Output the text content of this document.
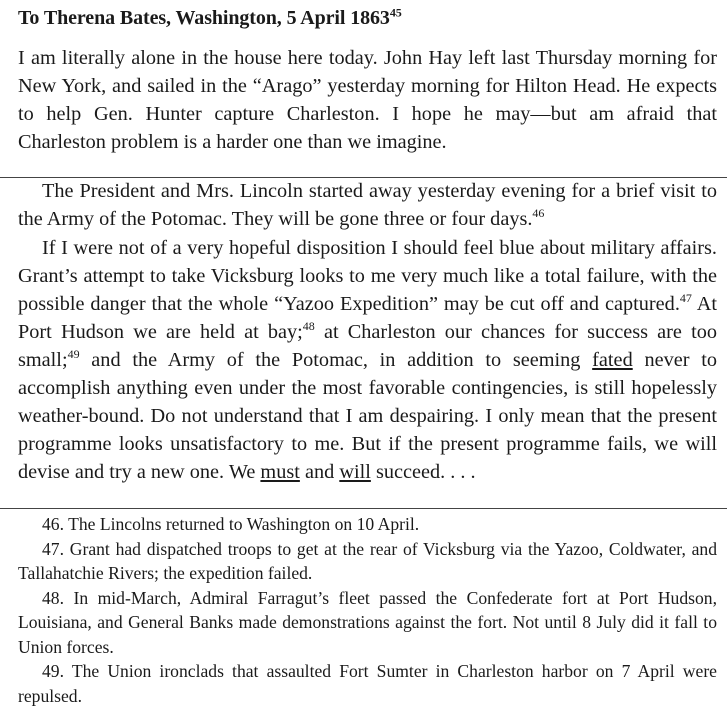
To Therena Bates, Washington, 5 April 1863$^{45}$

I am literally alone in the house here today. John Hay left last Thursday morning for New York, and sailed in the “Arago” yesterday morning for Hilton Head. He expects to help Gen. Hunter capture Charleston. I hope he may—but am afraid that Charleston problem is a harder one than we imagine.

The President and Mrs. Lincoln started away yesterday evening for a brief visit to the Army of the Potomac. They will be gone three or four days.$^{46}$

If I were not of a very hopeful disposition I should feel blue about military affairs. Grant’s attempt to take Vicksburg looks to me very much like a total failure, with the possible danger that the whole “Yazoo Expedition” may be cut off and captured.$^{47}$ At Port Hudson we are held at bay;$^{48}$ at Charleston our chances for success are too small;$^{49}$ and the Army of the Potomac, in addition to seeming fated never to accomplish anything even under the most favorable contingencies, is still hopelessly weather-bound. Do not understand that I am despairing. I only mean that the present programme looks unsatisfactory to me. But if the present programme fails, we will devise and try a new one. We must and will succeed. . . .

46. The Lincolns returned to Washington on 10 April.

47. Grant had dispatched troops to get at the rear of Vicksburg via the Yazoo, Coldwater, and Tallahatchie Rivers; the expedition failed.

48. In mid-March, Admiral Farragut’s fleet passed the Confederate fort at Port Hudson, Louisiana, and General Banks made demonstrations against the fort. Not until 8 July did it fall to Union forces.

49. The Union ironclads that assaulted Fort Sumter in Charleston harbor on 7 April were repulsed.
